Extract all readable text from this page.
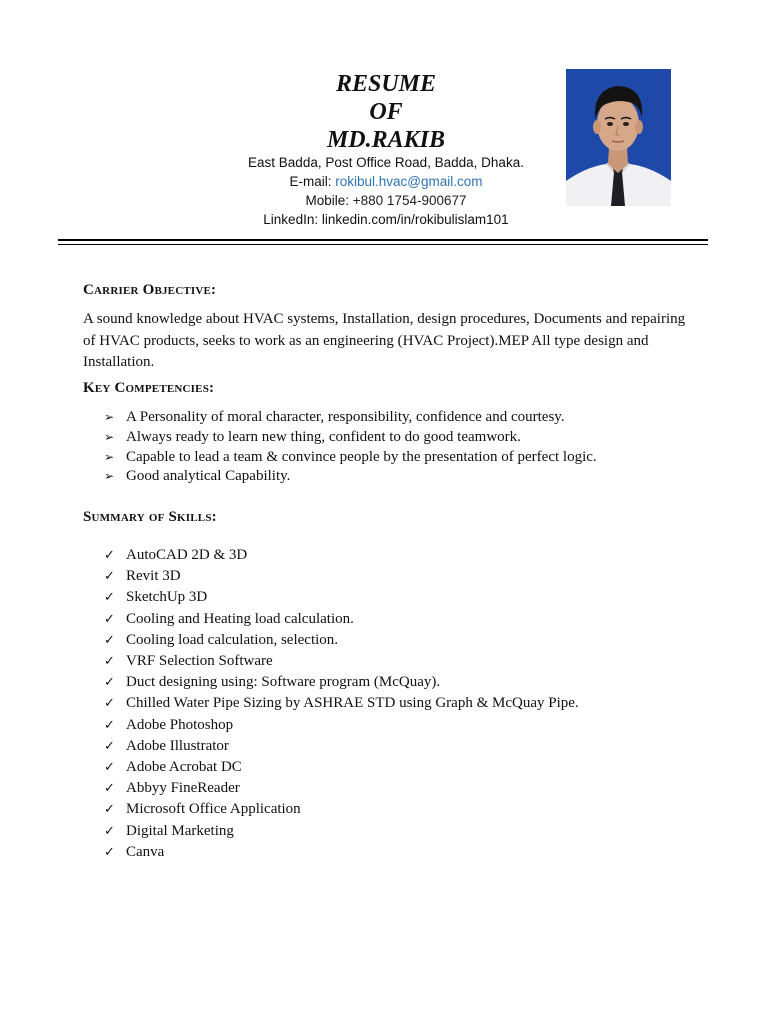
RESUME
OF
MD.RAKIB
East Badda, Post Office Road, Badda, Dhaka.
E-mail: rokibul.hvac@gmail.com
Mobile: +880 1754-900677
LinkedIn: linkedin.com/in/rokibulislam101
Carrier Objective:
A sound knowledge about HVAC systems, Installation, design procedures, Documents and repairing of HVAC products, seeks to work as an engineering (HVAC Project).MEP All type design and Installation.
Key Competencies:
➢ A Personality of moral character, responsibility, confidence and courtesy.
➢ Always ready to learn new thing, confident to do good teamwork.
➢ Capable to lead a team & convince people by the presentation of perfect logic.
➢ Good analytical Capability.
Summary of Skills:
✓ AutoCAD 2D & 3D
✓ Revit 3D
✓ SketchUp 3D
✓ Cooling and Heating load calculation.
✓ Cooling load calculation, selection.
✓ VRF Selection Software
✓ Duct designing using: Software program (McQuay).
✓ Chilled Water Pipe Sizing by ASHRAE STD using Graph & McQuay Pipe.
✓ Adobe Photoshop
✓ Adobe Illustrator
✓ Adobe Acrobat DC
✓ Abbyy FineReader
✓ Microsoft Office Application
✓ Digital Marketing
✓ Canva
